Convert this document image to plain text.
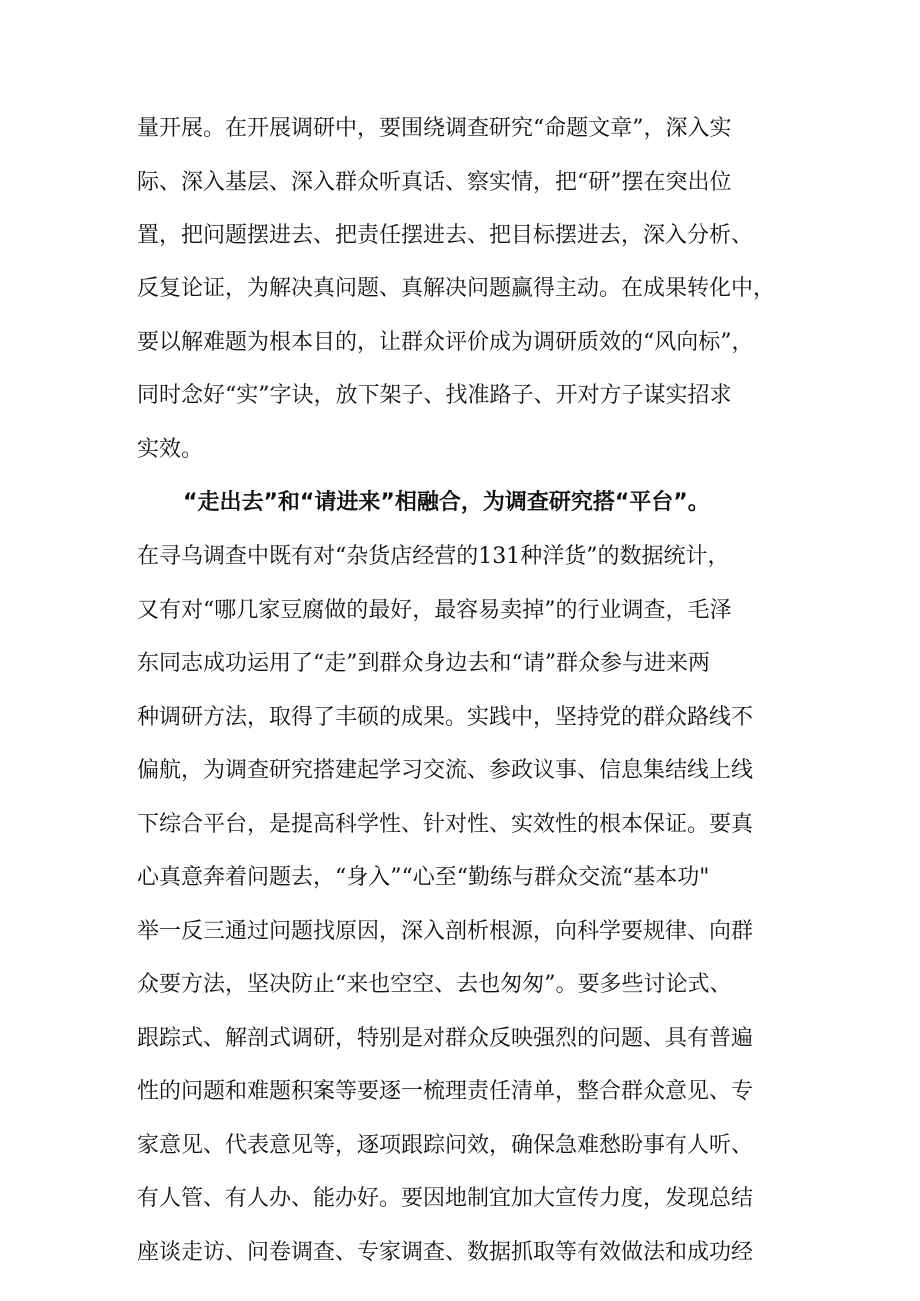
量开展。在开展调研中，要围绕调查研究“命题文章”，深入实
际、深入基层、深入群众听真话、察实情，把“研”摆在突出位
置，把问题摆进去、把责任摆进去、把目标摆进去，深入分析、
反复论证，为解决真问题、真解决问题赢得主动。在成果转化中，
要以解难题为根本目的，让群众评价成为调研质效的“风向标”，
同时念好“实”字诀，放下架子、找准路子、开对方子谋实招求
实效。
“走出去”和“请进来”相融合，为调查研究搭“平台”。
在寻乌调查中既有对“杂货店经营的131种洋货”的数据统计，
又有对“哪几家豆腐做的最好，最容易卖掉”的行业调查，毛泽
东同志成功运用了“走”到群众身边去和“请”群众参与进来两
种调研方法，取得了丰硕的成果。实践中，坚持党的群众路线不
偏航，为调查研究搭建起学习交流、参政议事、信息集结线上线
下综合平台，是提高科学性、针对性、实效性的根本保证。要真
心真意奔着问题去，“身入”“心至“勤练与群众交流“基本功"
举一反三通过问题找原因，深入剖析根源，向科学要规律、向群
众要方法，坚决防止“来也空空、去也匆匆”。要多些讨论式、
跟踪式、解剖式调研，特别是对群众反映强烈的问题、具有普遍
性的问题和难题积案等要逐一梳理责任清单，整合群众意见、专
家意见、代表意见等，逐项跟踪问效，确保急难愁盼事有人听、
有人管、有人办、能办好。要因地制宜加大宣传力度，发现总结
座谈走访、问卷调查、专家调查、数据抓取等有效做法和成功经
